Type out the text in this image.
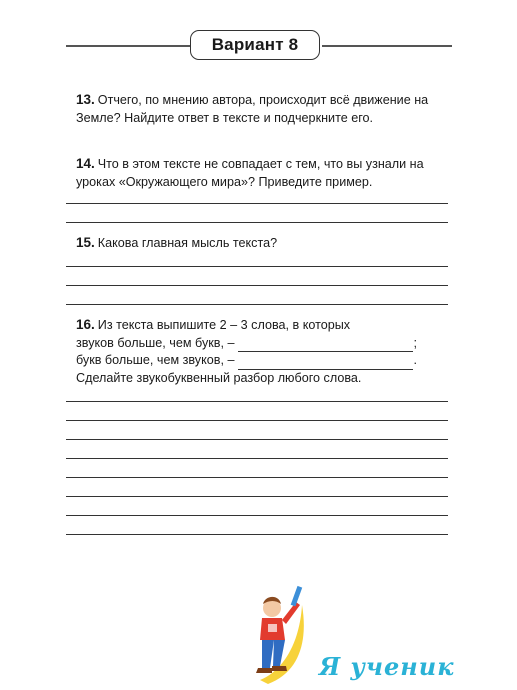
Вариант 8
13. Отчего, по мнению автора, происходит всё движение на Земле? Найдите ответ в тексте и подчеркните его.
14. Что в этом тексте не совпадает с тем, что вы узнали на уроках «Окружающего мира»? Приведите пример.
15. Какова главная мысль текста?
16. Из текста выпишите 2 – 3 слова, в которых
звуков больше, чем букв, –	;
букв больше, чем звуков, –	.
Сделайте звукобуквенный разбор любого слова.
Я ученик
